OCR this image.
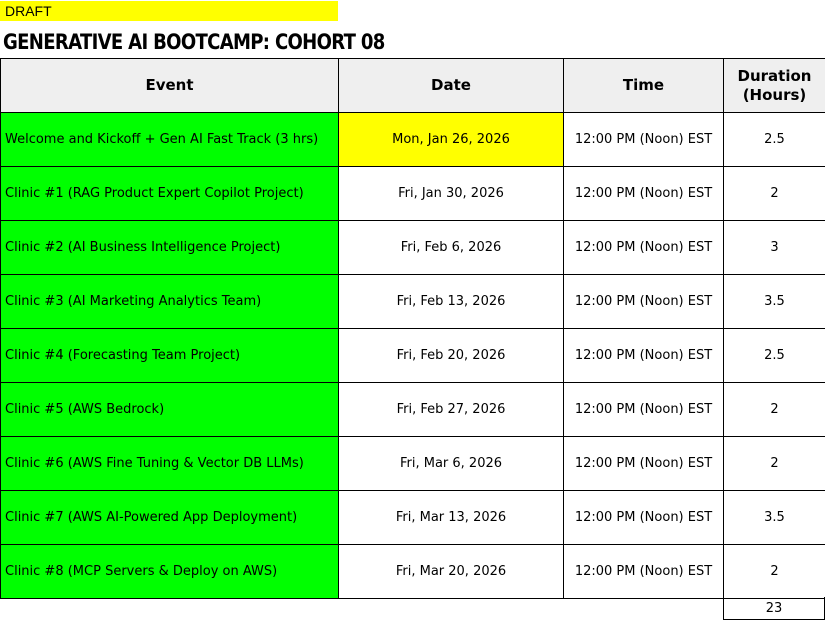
DRAFT
GENERATIVE AI BOOTCAMP: COHORT 08
Event	Date	Time	Duration
(Hours)
Welcome and Kickoff + Gen AI Fast Track (3 hrs)	Mon, Jan 26, 2026	12:00 PM (Noon) EST	2.5
Clinic #1 (RAG Product Expert Copilot Project)	Fri, Jan 30, 2026	12:00 PM (Noon) EST	2
Clinic #2 (AI Business Intelligence Project)	Fri, Feb 6, 2026	12:00 PM (Noon) EST	3
Clinic #3 (AI Marketing Analytics Team)	Fri, Feb 13, 2026	12:00 PM (Noon) EST	3.5
Clinic #4 (Forecasting Team Project)	Fri, Feb 20, 2026	12:00 PM (Noon) EST	2.5
Clinic #5 (AWS Bedrock)	Fri, Feb 27, 2026	12:00 PM (Noon) EST	2
Clinic #6 (AWS Fine Tuning & Vector DB LLMs)	Fri, Mar 6, 2026	12:00 PM (Noon) EST	2
Clinic #7 (AWS AI-Powered App Deployment)	Fri, Mar 13, 2026	12:00 PM (Noon) EST	3.5
Clinic #8 (MCP Servers & Deploy on AWS)	Fri, Mar 20, 2026	12:00 PM (Noon) EST	2
23
